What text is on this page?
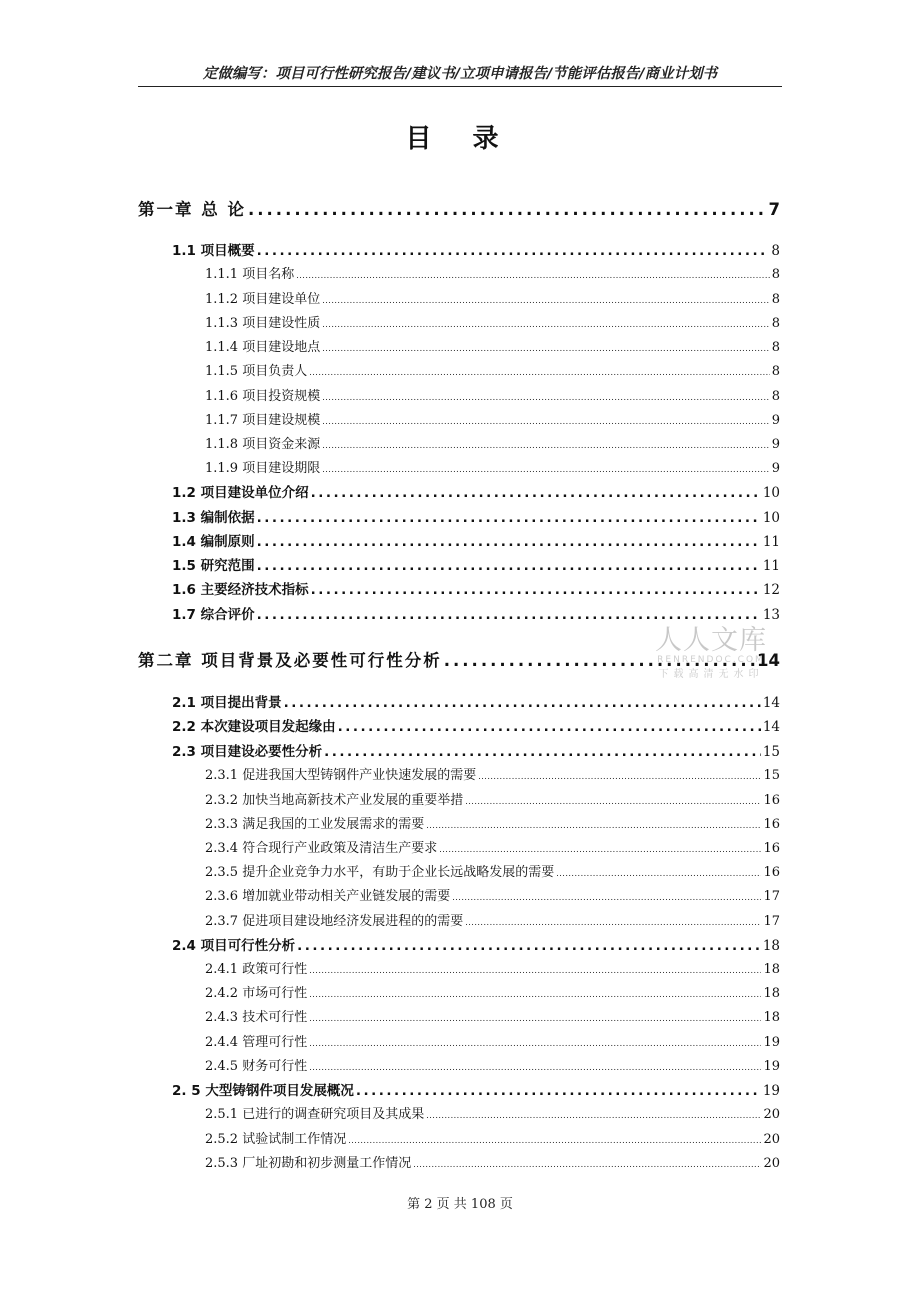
定做编写：项目可行性研究报告/建议书/立项申请报告/节能评估报告/商业计划书
目 录
第一章 总 论 .....	7
1.1 项目概要 .....	8
1.1.1 项目名称 .....	8
1.1.2 项目建设单位 .....	8
1.1.3 项目建设性质 .....	8
1.1.4 项目建设地点 .....	8
1.1.5 项目负责人 .....	8
1.1.6 项目投资规模 .....	8
1.1.7 项目建设规模 .....	9
1.1.8 项目资金来源 .....	9
1.1.9 项目建设期限 .....	9
1.2 项目建设单位介绍 .....	10
1.3 编制依据 .....	10
1.4 编制原则 .....	11
1.5 研究范围 .....	11
1.6 主要经济技术指标 .....	12
1.7 综合评价 .....	13
第二章 项目背景及必要性可行性分析 .....	14
2.1 项目提出背景 .....	14
2.2 本次建设项目发起缘由 .....	14
2.3 项目建设必要性分析 .....	15
2.3.1 促进我国大型铸钢件产业快速发展的需要 .....	15
2.3.2 加快当地高新技术产业发展的重要举措 .....	16
2.3.3 满足我国的工业发展需求的需要 .....	16
2.3.4 符合现行产业政策及清洁生产要求 .....	16
2.3.5 提升企业竞争力水平，有助于企业长远战略发展的需要 .....	16
2.3.6 增加就业带动相关产业链发展的需要 .....	17
2.3.7 促进项目建设地经济发展进程的的需要 .....	17
2.4 项目可行性分析 .....	18
2.4.1 政策可行性 .....	18
2.4.2 市场可行性 .....	18
2.4.3 技术可行性 .....	18
2.4.4 管理可行性 .....	19
2.4.5 财务可行性 .....	19
2. 5 大型铸钢件项目发展概况 .....	19
2.5.1 已进行的调查研究项目及其成果 .....	20
2.5.2 试验试制工作情况 .....	20
2.5.3 厂址初勘和初步测量工作情况 .....	20
人人文库
RENRENDOC.COM
下载高清无水印
第 2 页 共 108 页
